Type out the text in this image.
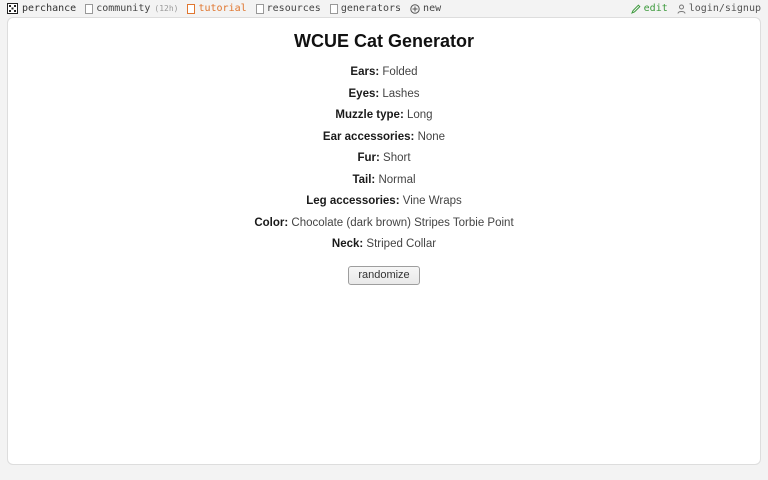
perchance community (12h) tutorial resources generators new	edit login/signup
WCUE Cat Generator
Ears: Folded
Eyes: Lashes
Muzzle type: Long
Ear accessories: None
Fur: Short
Tail: Normal
Leg accessories: Vine Wraps
Color: Chocolate (dark brown) Stripes Torbie Point
Neck: Striped Collar
randomize
